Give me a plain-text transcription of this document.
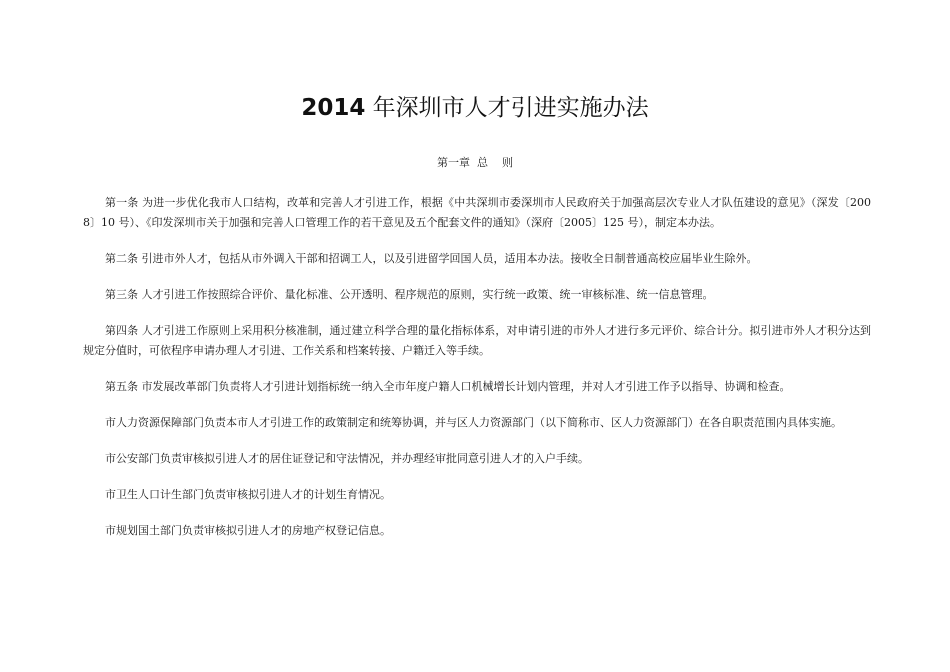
2014 年深圳市人才引进实施办法
第一章  总    则

第一条 为进一步优化我市人口结构，改革和完善人才引进工作，根据《中共深圳市委深圳市人民政府关于加强高层次专业人才队伍建设的意见》（深发〔2008〕10 号）、《印发深圳市关于加强和完善人口管理工作的若干意见及五个配套文件的通知》（深府〔2005〕125 号），制定本办法。

第二条 引进市外人才，包括从市外调入干部和招调工人，以及引进留学回国人员，适用本办法。接收全日制普通高校应届毕业生除外。

第三条 人才引进工作按照综合评价、量化标准、公开透明、程序规范的原则，实行统一政策、统一审核标准、统一信息管理。

第四条 人才引进工作原则上采用积分核准制，通过建立科学合理的量化指标体系，对申请引进的市外人才进行多元评价、综合计分。拟引进市外人才积分达到规定分值时，可依程序申请办理人才引进、工作关系和档案转接、户籍迁入等手续。

第五条 市发展改革部门负责将人才引进计划指标统一纳入全市年度户籍人口机械增长计划内管理，并对人才引进工作予以指导、协调和检查。

市人力资源保障部门负责本市人才引进工作的政策制定和统筹协调，并与区人力资源部门（以下简称市、区人力资源部门）在各自职责范围内具体实施。

市公安部门负责审核拟引进人才的居住证登记和守法情况，并办理经审批同意引进人才的入户手续。

市卫生人口计生部门负责审核拟引进人才的计划生育情况。

市规划国土部门负责审核拟引进人才的房地产权登记信息。
